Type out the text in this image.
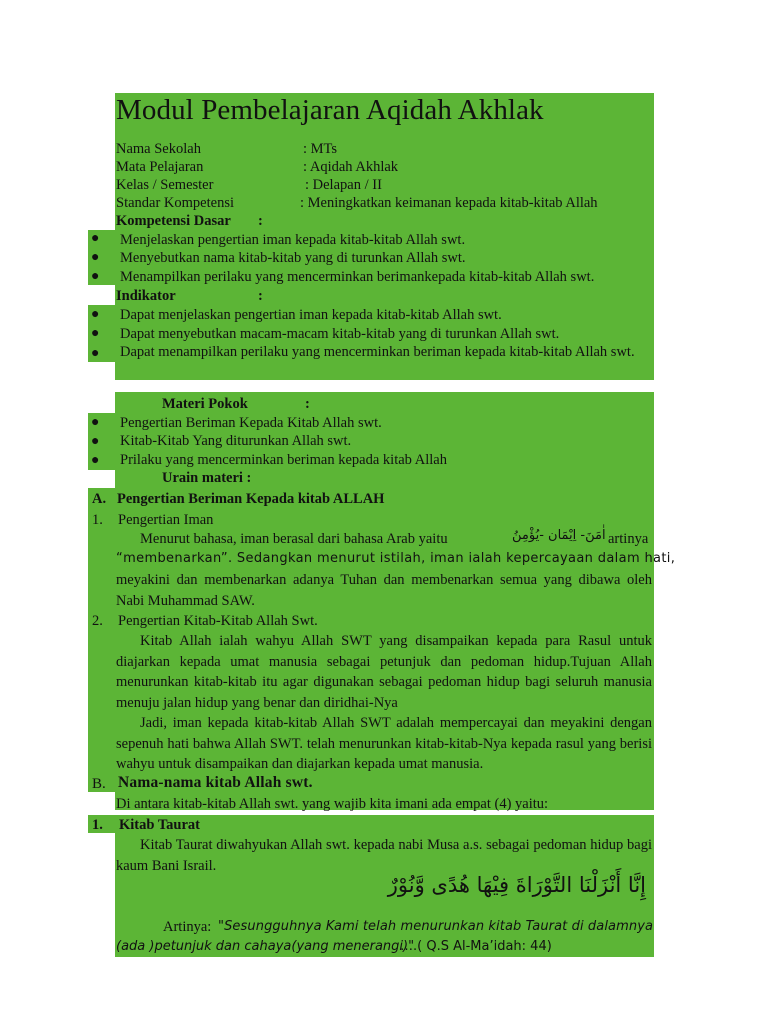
Modul Pembelajaran Aqidah Akhlak
Nama Sekolah	: MTs
Mata Pelajaran	: Aqidah Akhlak
Kelas / Semester	: Delapan / II
Standar Kompetensi	: Meningkatkan keimanan kepada kitab-kitab Allah
Kompetensi Dasar :
● Menjelaskan pengertian iman kepada kitab-kitab Allah swt.
● Menyebutkan nama kitab-kitab yang di turunkan Allah swt.
● Menampilkan perilaku yang mencerminkan berimankepada kitab-kitab Allah swt.
Indikator	:
● Dapat menjelaskan pengertian iman kepada kitab-kitab Allah swt.
● Dapat menyebutkan macam-macam kitab-kitab yang di turunkan Allah swt.
● Dapat menampilkan perilaku yang mencerminkan beriman kepada kitab-kitab Allah swt.
Materi Pokok	:
● Pengertian Beriman Kepada Kitab Allah swt.
● Kitab-Kitab Yang diturunkan Allah swt.
● Prilaku yang mencerminkan beriman kepada kitab Allah
Urain materi :
A. Pengertian Beriman Kepada kitab ALLAH
1. Pengertian Iman
Menurut bahasa, iman berasal dari bahasa Arab yaitu	اٰمَنَ- اِيْمَان -يُؤْمِنُ artinya
“membenarkan”. Sedangkan menurut istilah, iman ialah kepercayaan dalam hati,
meyakini dan membenarkan adanya Tuhan dan membenarkan semua yang dibawa oleh Nabi Muhammad SAW.
2. Pengertian Kitab-Kitab Allah Swt.
Kitab Allah ialah wahyu Allah SWT yang disampaikan kepada para Rasul untuk diajarkan kepada umat manusia sebagai petunjuk dan pedoman hidup.Tujuan Allah menurunkan kitab-kitab itu agar digunakan sebagai pedoman hidup bagi seluruh manusia menuju jalan hidup yang benar dan diridhai-Nya
Jadi, iman kepada kitab-kitab Allah SWT adalah mempercayai dan meyakini dengan sepenuh hati bahwa Allah SWT. telah menurunkan kitab-kitab-Nya kepada rasul yang berisi wahyu untuk disampaikan dan diajarkan kepada umat manusia.
B. Nama-nama kitab Allah swt.
Di antara kitab-kitab Allah swt. yang wajib kita imani ada empat (4) yaitu:
1. Kitab Taurat
Kitab Taurat diwahyukan Allah swt. kepada nabi Musa a.s. sebagai pedoman hidup bagi kaum Bani Israil.
إِنَّا أَنْزَلْنَا التَّوْرَاةَ فِيْهَا هُدًى وَّنُوْرٌ
Artinya: "Sesungguhnya Kami telah menurunkan kitab Taurat di dalamnya
(ada )petunjuk dan cahaya(yang menerangi)"
….( Q.S Al-Ma’idah: 44)
